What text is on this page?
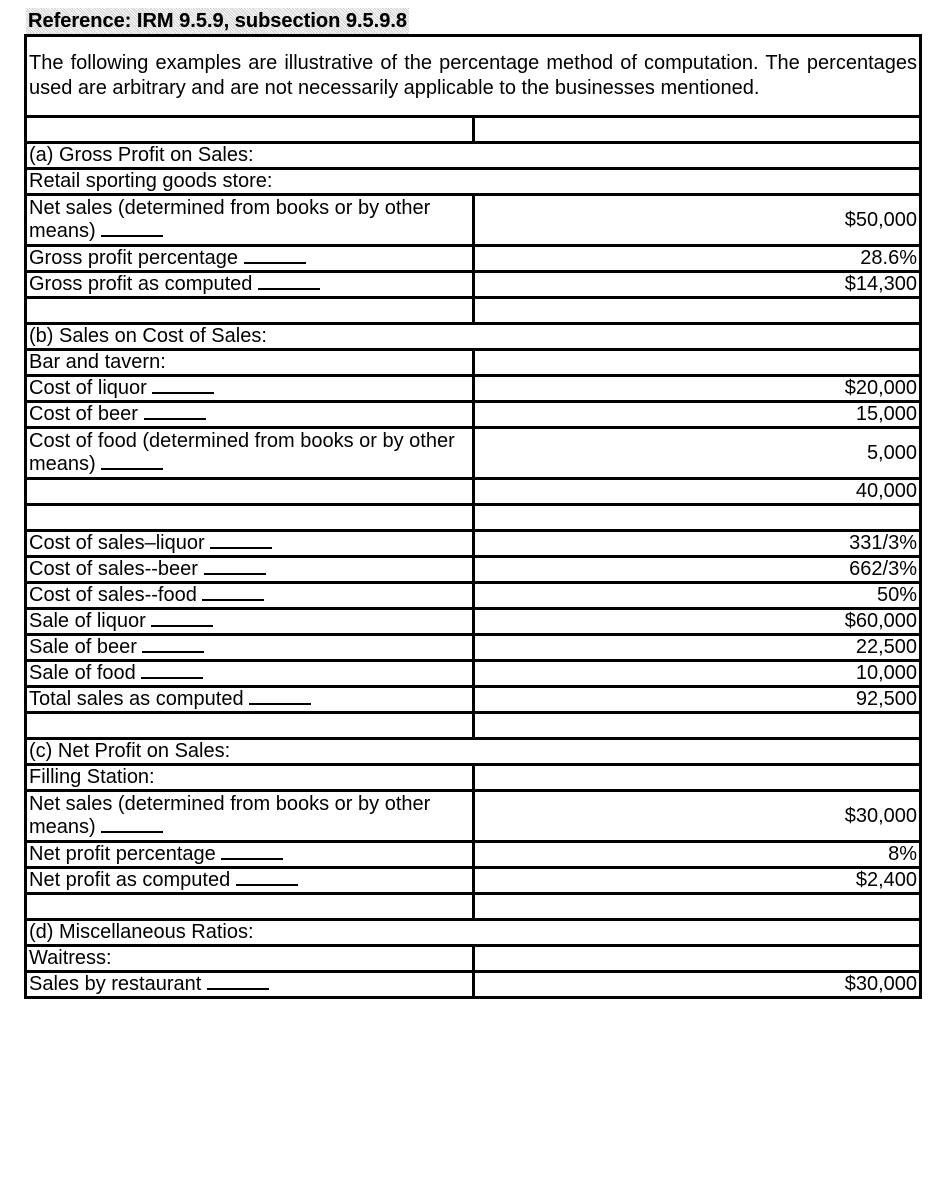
Reference: IRM 9.5.9, subsection 9.5.9.8
The following examples are illustrative of the percentage method of computation. The percentages used are arbitrary and are not necessarily applicable to the businesses mentioned.	

(a) Gross Profit on Sales:	
Retail sporting goods store:	
Net sales (determined from books or by other means)	$50,000
Gross profit percentage	28.6%
Gross profit as computed	$14,300

(b) Sales on Cost of Sales:	
Bar and tavern:	
Cost of liquor	$20,000
Cost of beer	15,000
Cost of food (determined from books or by other means)	5,000
	40,000

Cost of sales–liquor	331/3%
Cost of sales--beer	662/3%
Cost of sales--food	50%
Sale of liquor	$60,000
Sale of beer	22,500
Sale of food	10,000
Total sales as computed	92,500

(c) Net Profit on Sales:	
Filling Station:	
Net sales (determined from books or by other means)	$30,000
Net profit percentage	8%
Net profit as computed	$2,400

(d) Miscellaneous Ratios:	
Waitress:	
Sales by restaurant	$30,000
